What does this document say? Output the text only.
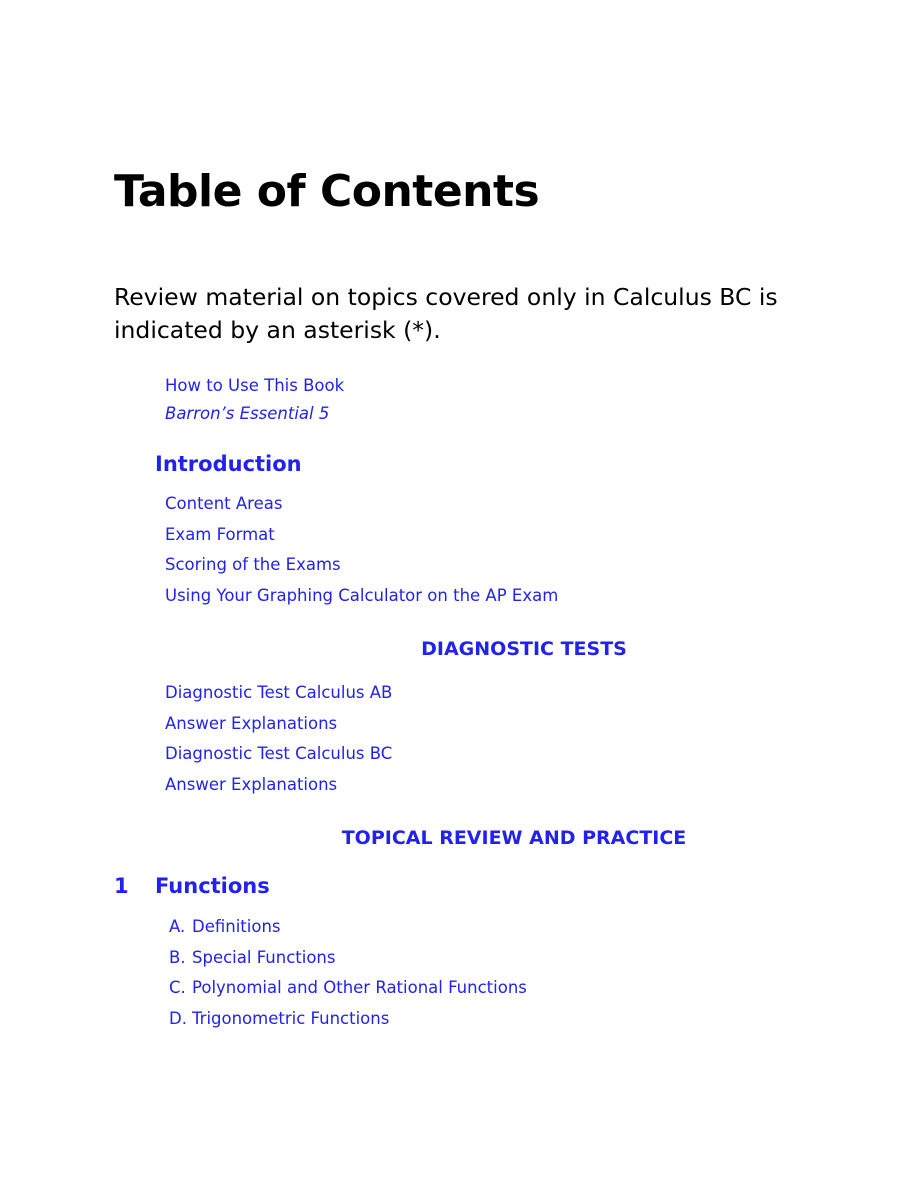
Table of Contents
Review material on topics covered only in Calculus BC is indicated by an asterisk (*).
How to Use This Book
Barron’s Essential 5
Introduction
Content Areas
Exam Format
Scoring of the Exams
Using Your Graphing Calculator on the AP Exam
DIAGNOSTIC TESTS
Diagnostic Test Calculus AB
Answer Explanations
Diagnostic Test Calculus BC
Answer Explanations
TOPICAL REVIEW AND PRACTICE
1	Functions
A. Definitions
B. Special Functions
C. Polynomial and Other Rational Functions
D. Trigonometric Functions
